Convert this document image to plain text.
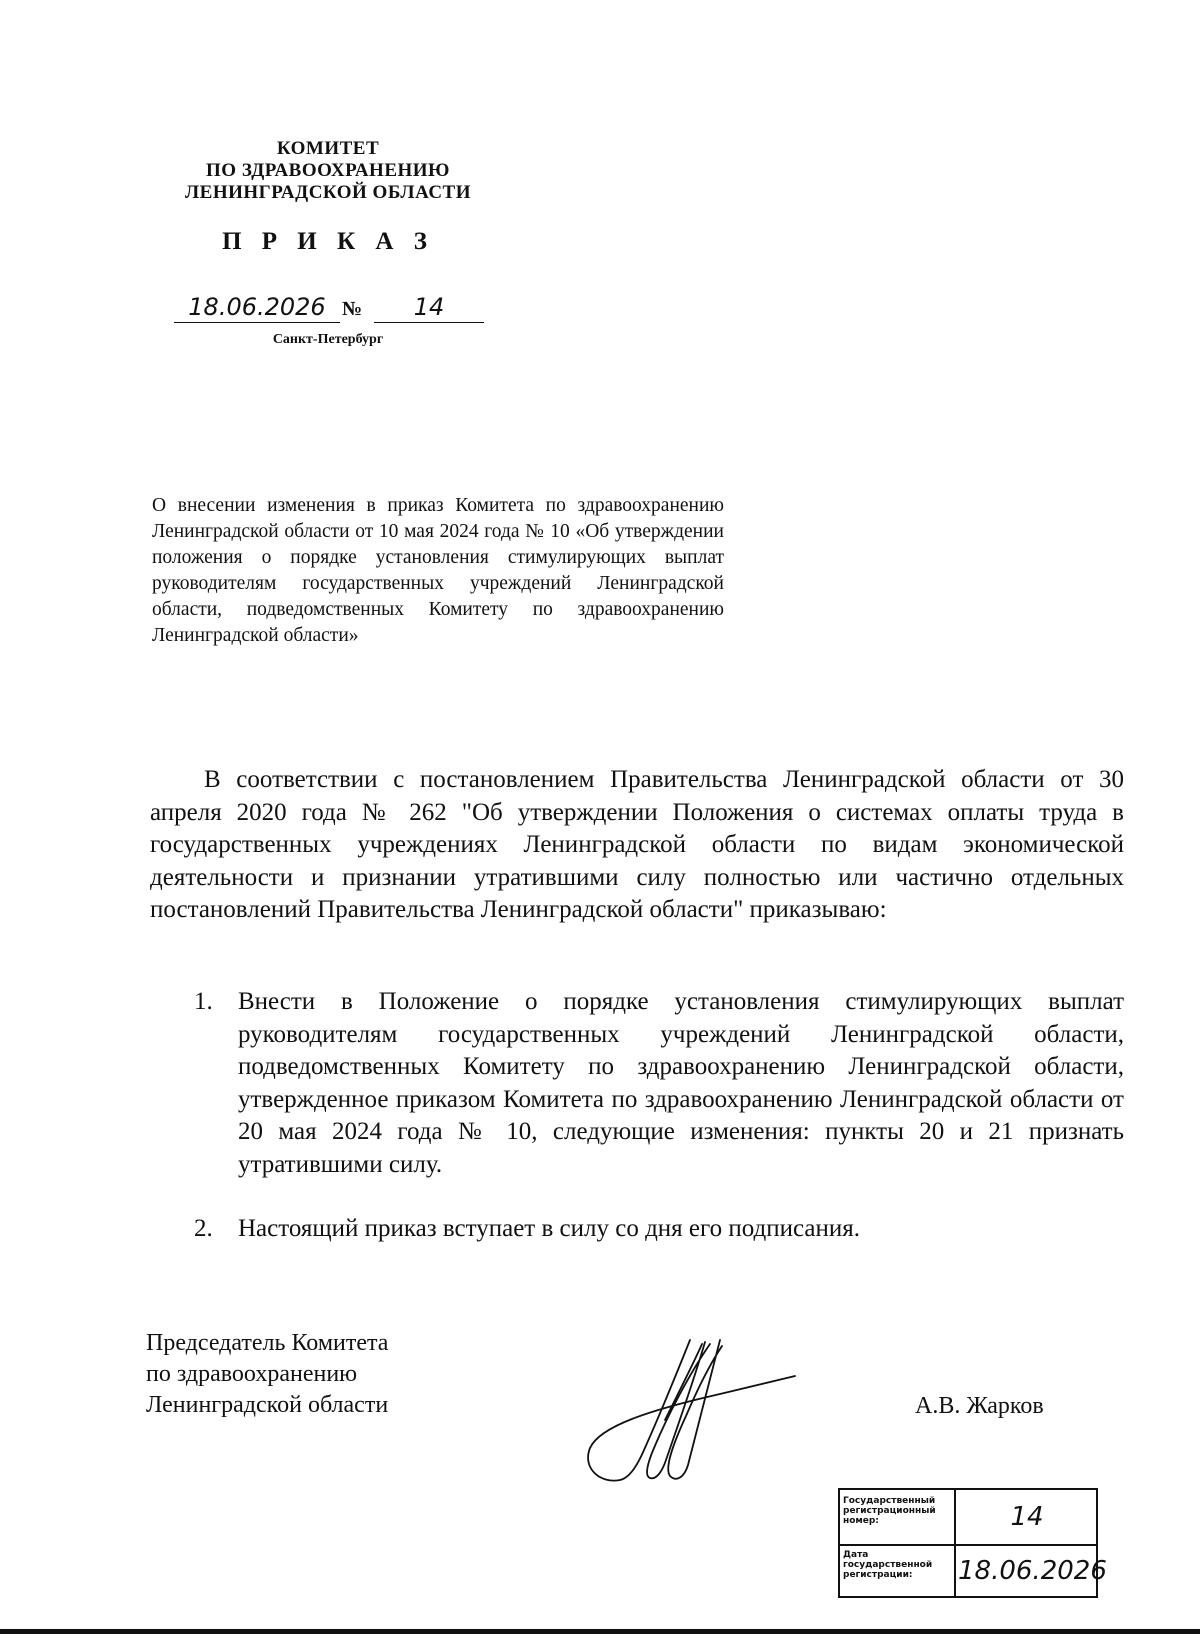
КОМИТЕТ
ПО ЗДРАВООХРАНЕНИЮ
ЛЕНИНГРАДСКОЙ ОБЛАСТИ
П Р И К А З
18.06.2026 №	14
Санкт-Петербург
О внесении изменения в приказ Комитета по здравоохранению Ленинградской области от 10 мая 2024 года № 10 «Об утверждении положения о порядке установления стимулирующих выплат руководителям государственных учреждений Ленинградской области, подведомственных Комитету по здравоохранению Ленинградской области»
В соответствии с постановлением Правительства Ленинградской области от 30 апреля 2020 года № 262 "Об утверждении Положения о системах оплаты труда в государственных учреждениях Ленинградской области по видам экономической деятельности и признании утратившими силу полностью или частично отдельных постановлений Правительства Ленинградской области" приказываю:
1. Внести в Положение о порядке установления стимулирующих выплат руководителям государственных учреждений Ленинградской области, подведомственных Комитету по здравоохранению Ленинградской области, утвержденное приказом Комитета по здравоохранению Ленинградской области от 20 мая 2024 года № 10, следующие изменения: пункты 20 и 21 признать утратившими силу.
2. Настоящий приказ вступает в силу со дня его подписания.
Председатель Комитета
по здравоохранению
Ленинградской области	А.В. Жарков
Государственный регистрационный номер:	14
Дата государственной регистрации:	18.06.2026
